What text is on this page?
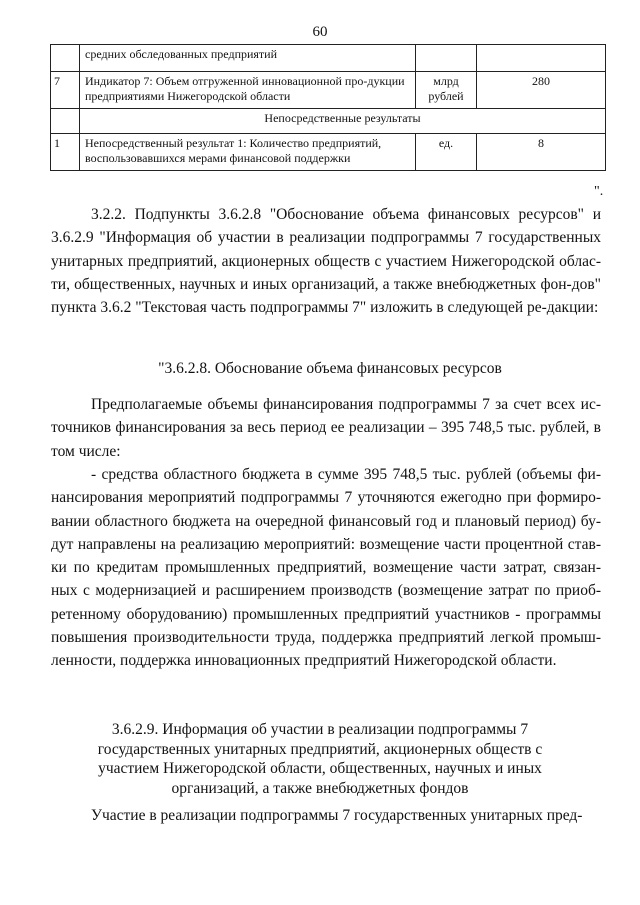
60
	средних обследованных предприятий		
7	Индикатор 7: Объем отгруженной инновационной про-дукции предприятиями Нижегородской области	млрд рублей	280
	Непосредственные результаты		
1	Непосредственный результат 1: Количество предприятий, воспользовавшихся мерами финансовой поддержки	ед.	8
".

3.2.2. Подпункты 3.6.2.8 "Обоснование объема финансовых ресурсов" и 3.6.2.9 "Информация об участии в реализации подпрограммы 7 государственных унитарных предприятий, акционерных обществ с участием Нижегородской облас-ти, общественных, научных и иных организаций, а также внебюджетных фон-дов" пункта 3.6.2 "Текстовая часть подпрограммы 7" изложить в следующей ре-дакции:

"3.6.2.8. Обоснование объема финансовых ресурсов

Предполагаемые объемы финансирования подпрограммы 7 за счет всех ис-точников финансирования за весь период ее реализации – 395 748,5 тыс. рублей, в том числе:

- средства областного бюджета в сумме 395 748,5 тыс. рублей (объемы фи-нансирования мероприятий подпрограммы 7 уточняются ежегодно при формиро-вании областного бюджета на очередной финансовый год и плановый период) бу-дут направлены на реализацию мероприятий: возмещение части процентной став-ки по кредитам промышленных предприятий, возмещение части затрат, связан-ных с модернизацией и расширением производств (возмещение затрат по приоб-ретенному оборудованию) промышленных предприятий участников - программы повышения производительности труда, поддержка предприятий легкой промыш-ленности, поддержка инновационных предприятий Нижегородской области.

3.6.2.9. Информация об участии в реализации подпрограммы 7 государственных унитарных предприятий, акционерных обществ с участием Нижегородской области, общественных, научных и иных организаций, а также внебюджетных фондов

Участие в реализации подпрограммы 7 государственных унитарных пред-
